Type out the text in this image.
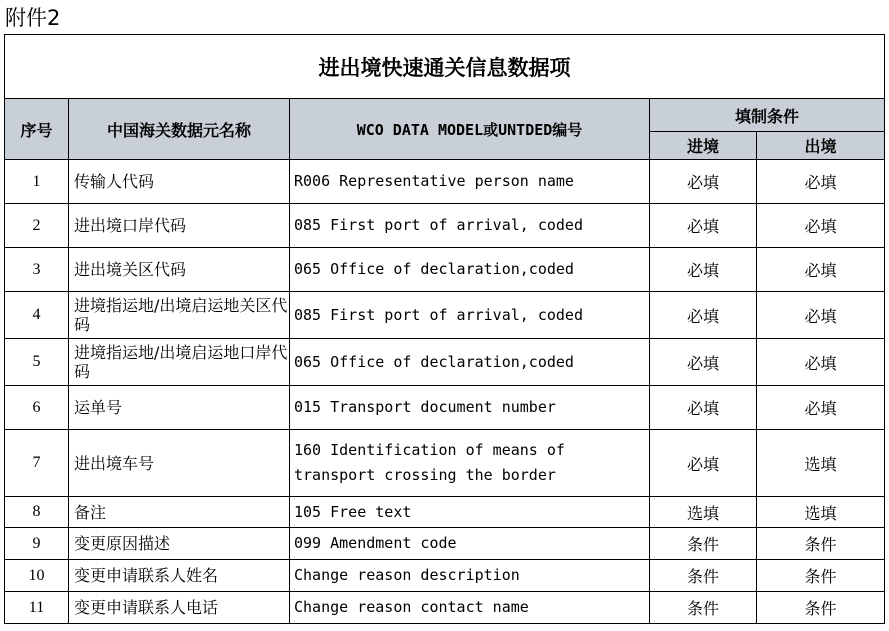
附件2
进出境快速通关信息数据项				
序号	中国海关数据元名称	WCO DATA MODEL或UNTDED编号	填制条件	
			进境	出境
1	传输人代码	R006 Representative person name	必填	必填
2	进出境口岸代码	085 First port of arrival, coded	必填	必填
3	进出境关区代码	065 Office of declaration,coded	必填	必填
4	进境指运地/出境启运地关区代码	085 First port of arrival, coded	必填	必填
5	进境指运地/出境启运地口岸代码	065 Office of declaration,coded	必填	必填
6	运单号	015 Transport document number	必填	必填
7	进出境车号	160 Identification of means of transport crossing the border	必填	选填
8	备注	105 Free text	选填	选填
9	变更原因描述	099 Amendment code	条件	条件
10	变更申请联系人姓名	Change reason description	条件	条件
11	变更申请联系人电话	Change reason contact name	条件	条件
